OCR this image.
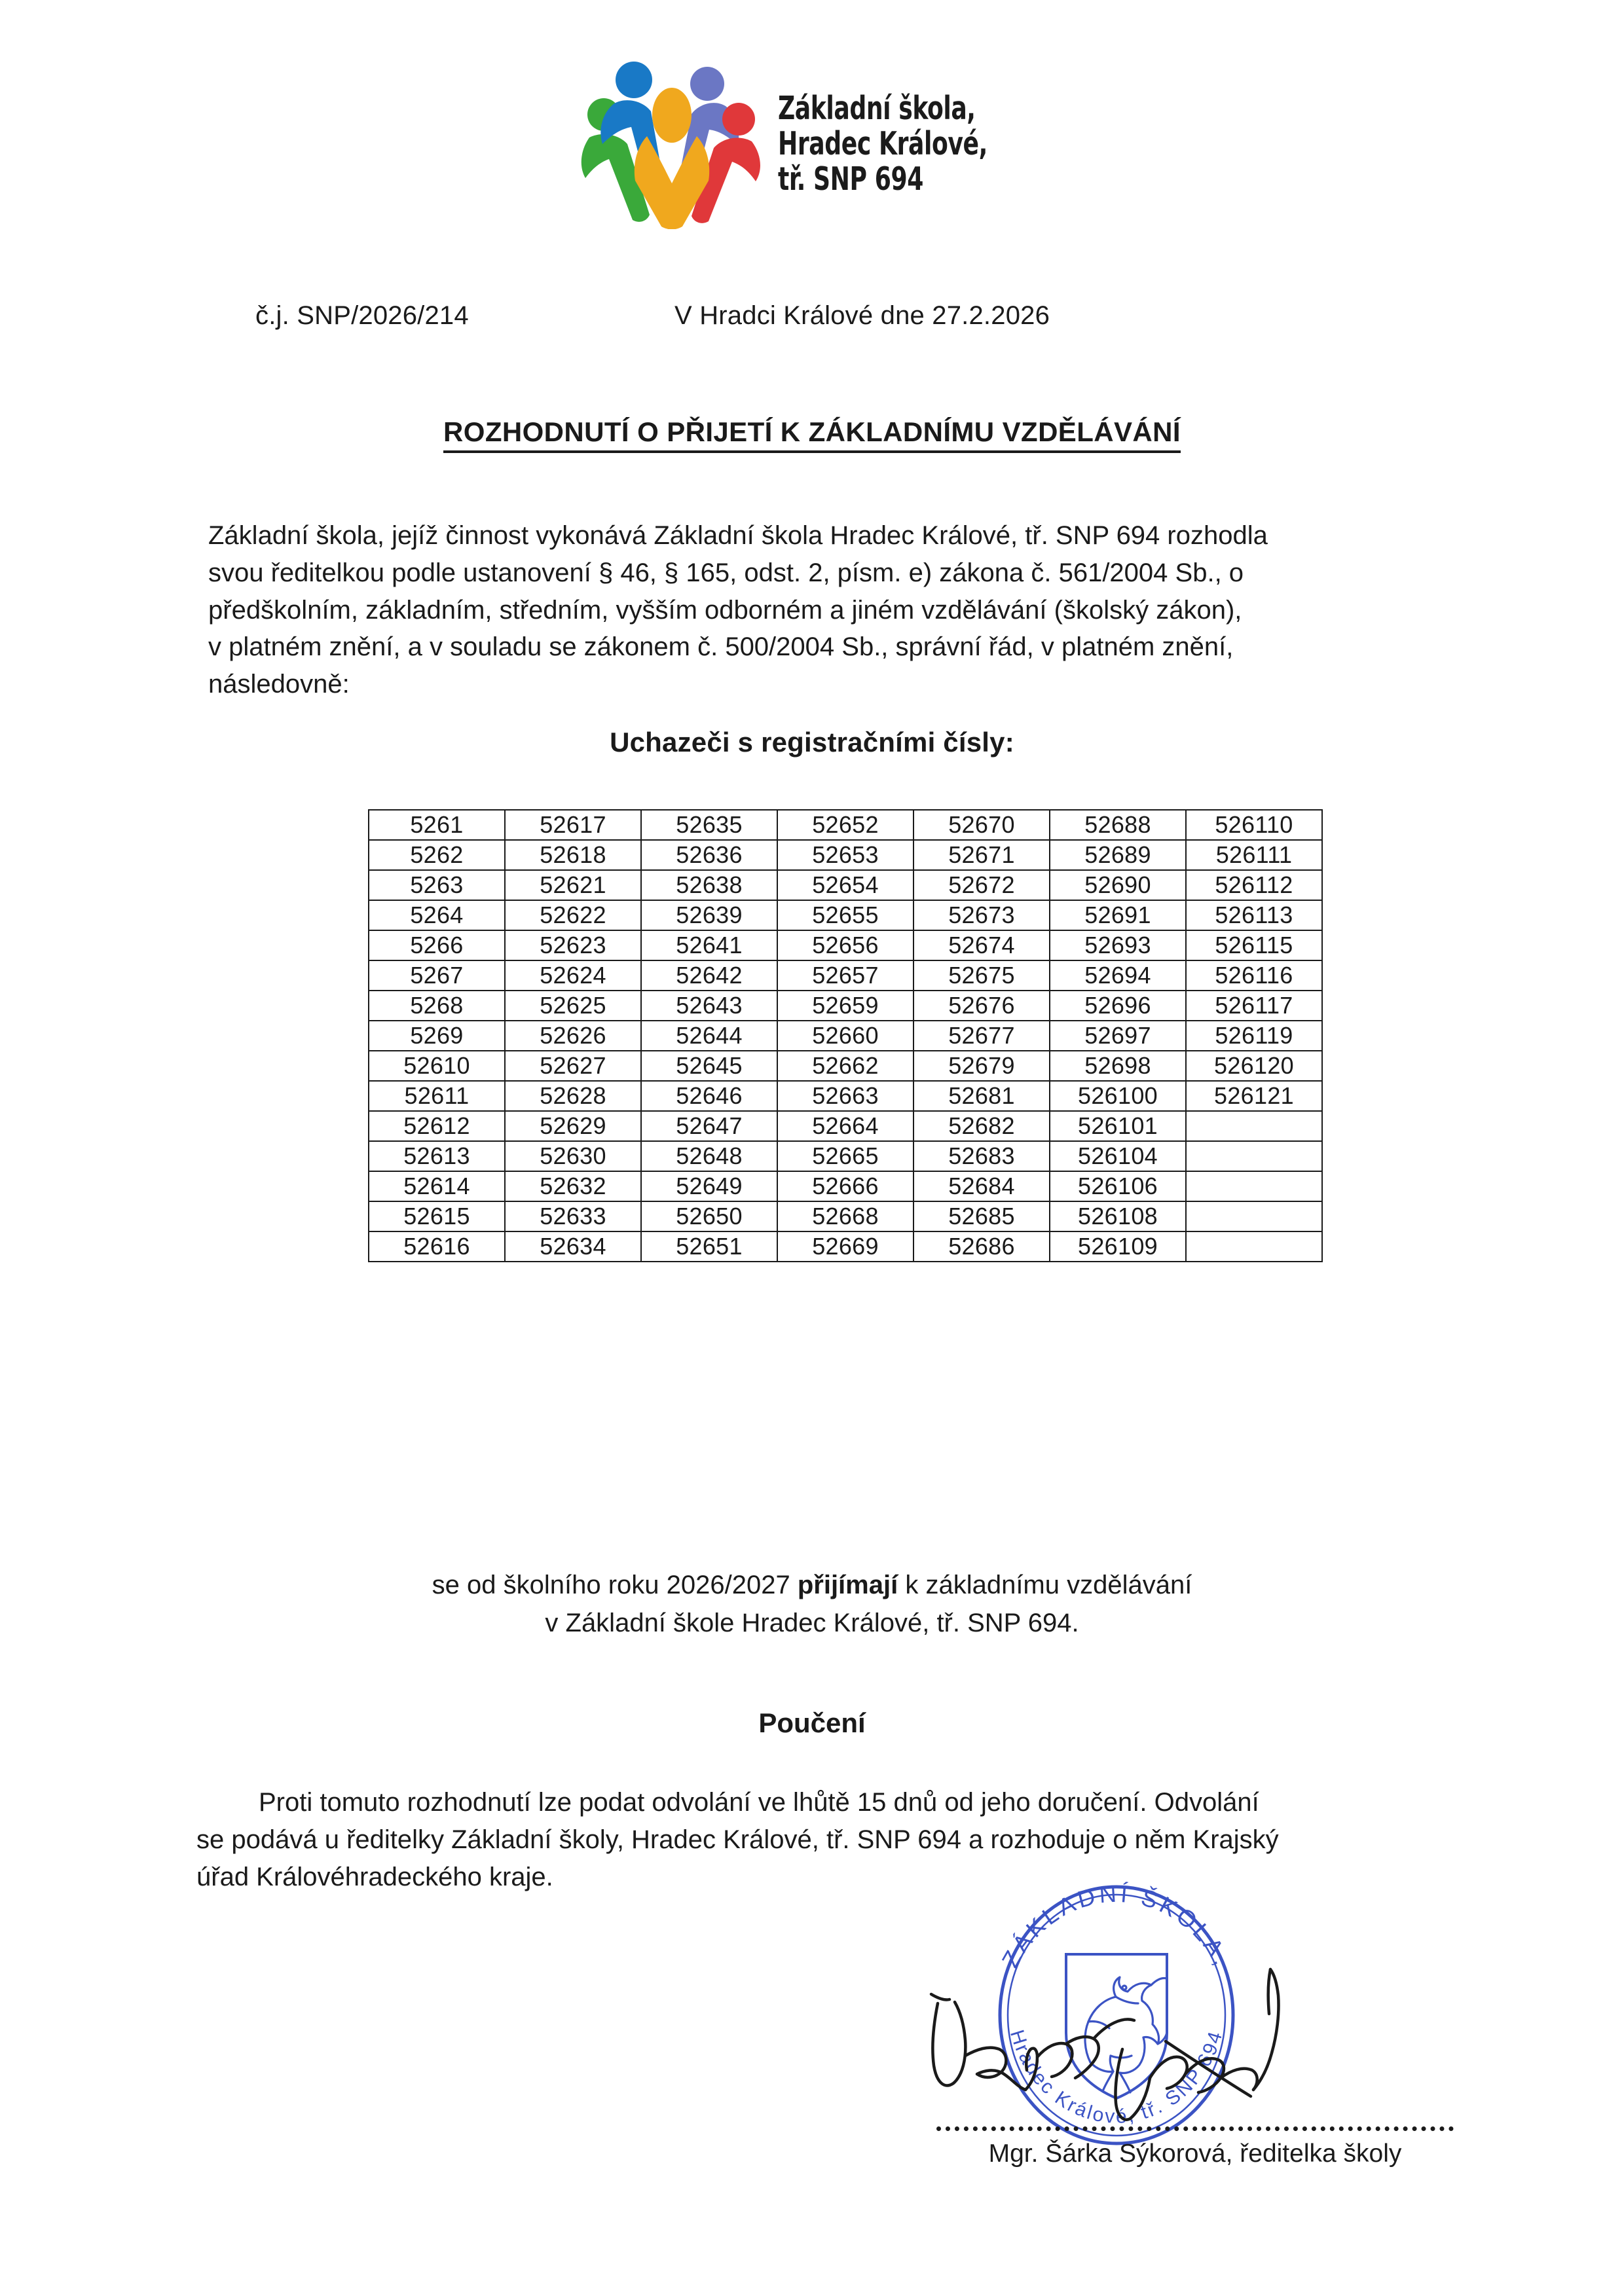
Základní škola,
Hradec Králové,
tř. SNP 694
č.j. SNP/2026/214	V Hradci Králové dne 27.2.2026
ROZHODNUTÍ O PŘIJETÍ K ZÁKLADNÍMU VZDĚLÁVÁNÍ
Základní škola, jejíž činnost vykonává Základní škola Hradec Králové, tř. SNP 694 rozhodla
svou ředitelkou podle ustanovení § 46, § 165, odst. 2, písm. e) zákona č. 561/2004 Sb., o
předškolním, základním, středním, vyšším odborném a jiném vzdělávání (školský zákon),
v platném znění, a v souladu se zákonem č. 500/2004 Sb., správní řád, v platném znění,
následovně:
Uchazeči s registračními čísly:
5261	52617	52635	52652	52670	52688	526110
5262	52618	52636	52653	52671	52689	526111
5263	52621	52638	52654	52672	52690	526112
5264	52622	52639	52655	52673	52691	526113
5266	52623	52641	52656	52674	52693	526115
5267	52624	52642	52657	52675	52694	526116
5268	52625	52643	52659	52676	52696	526117
5269	52626	52644	52660	52677	52697	526119
52610	52627	52645	52662	52679	52698	526120
52611	52628	52646	52663	52681	526100	526121
52612	52629	52647	52664	52682	526101	
52613	52630	52648	52665	52683	526104	
52614	52632	52649	52666	52684	526106	
52615	52633	52650	52668	52685	526108	
52616	52634	52651	52669	52686	526109	
se od školního roku 2026/2027 přijímají k základnímu vzdělávání
v Základní škole Hradec Králové, tř. SNP 694.
Poučení
Proti tomuto rozhodnutí lze podat odvolání ve lhůtě 15 dnů od jeho doručení. Odvolání
se podává u ředitelky Základní školy, Hradec Králové, tř. SNP 694 a rozhoduje o něm Krajský
úřad Královéhradeckého kraje.
ZÁKLADNÍ ŠKOLA,
Hradec Králové, tř. SNP 694
Mgr. Šárka Sýkorová, ředitelka školy
